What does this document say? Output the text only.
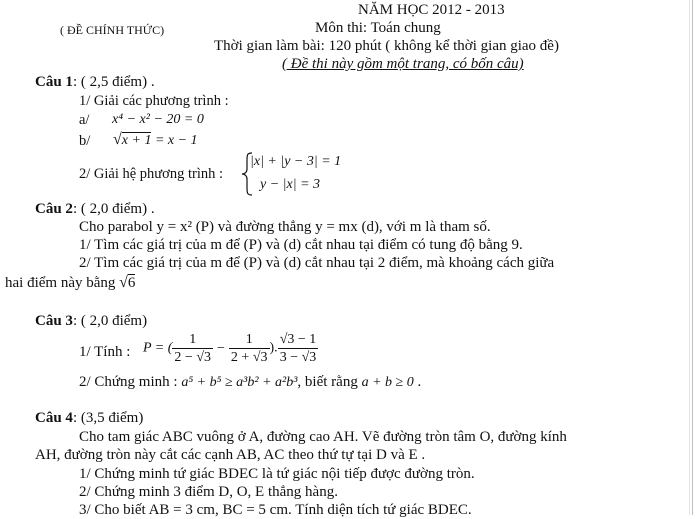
NĂM HỌC 2012 - 2013
( ĐỀ CHÍNH THỨC)	Môn thi: Toán chung
Thời gian làm bài: 120 phút ( không kể thời gian giao đề)
( Đề thi này gồm một trang, có bốn câu)
Câu 1: ( 2,5 điểm) .
1/ Giải các phương trình :
a/ x⁴ − x² − 20 = 0
b/ √x + 1 = x − 1
2/ Giải hệ phương trình :
|x| + |y − 3| = 1
y − |x| = 3
Câu 2: ( 2,0 điểm) .
Cho parabol y = x² (P) và đường thẳng y = mx (d), với m là tham số.
1/ Tìm các giá trị của m để (P) và (d) cắt nhau tại điểm có tung độ bằng 9.
2/ Tìm các giá trị của m để (P) và (d) cắt nhau tại 2 điểm, mà khoảng cách giữa
hai điểm này bằng √6
Câu 3: ( 2,0 điểm)
1/ Tính : P = ( $\frac{1}{2 - √3} - \frac{1}{2 + √3}$ ). $\frac{√3 - 1}{3 - √3}$
2/ Chứng minh : a⁵ + b⁵ ≥ a³b² + a²b³, biết rằng a + b ≥ 0 .
Câu 4: (3,5 điểm)
Cho tam giác ABC vuông ở A, đường cao AH. Vẽ đường tròn tâm O, đường kính
AH, đường tròn này cắt các cạnh AB, AC theo thứ tự tại D và E .
1/ Chứng minh tứ giác BDEC là tứ giác nội tiếp được đường tròn.
2/ Chứng minh 3 điểm D, O, E thẳng hàng.
3/ Cho biết AB = 3 cm, BC = 5 cm. Tính diện tích tứ giác BDEC.
